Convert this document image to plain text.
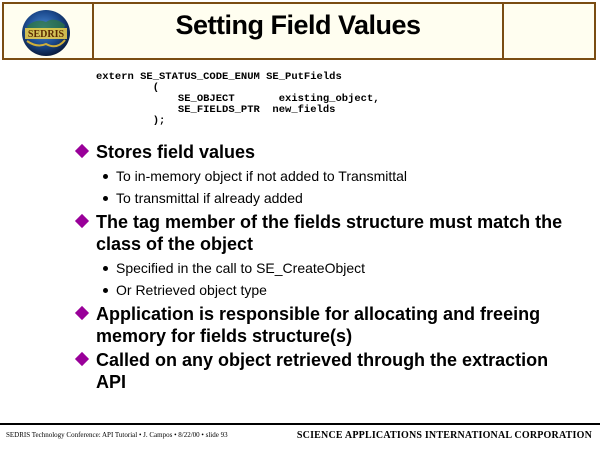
SEDRIS	Setting Field Values
extern SE_STATUS_CODE_ENUM SE_PutFields
(
SE_OBJECT       existing_object,
SE_FIELDS_PTR  new_fields
);
Stores field values
To in-memory object if not added to Transmittal
To transmittal if already added
The tag member of the fields structure must match the class of the object
Specified in the call to SE_CreateObject
Or Retrieved object type
Application is responsible for allocating and freeing memory for fields structure(s)
Called on any object retrieved through the extraction API
SEDRIS Technology Conference: API Tutorial • J. Campos • 8/22/00 • slide 93	SCIENCE APPLICATIONS INTERNATIONAL CORPORATION
